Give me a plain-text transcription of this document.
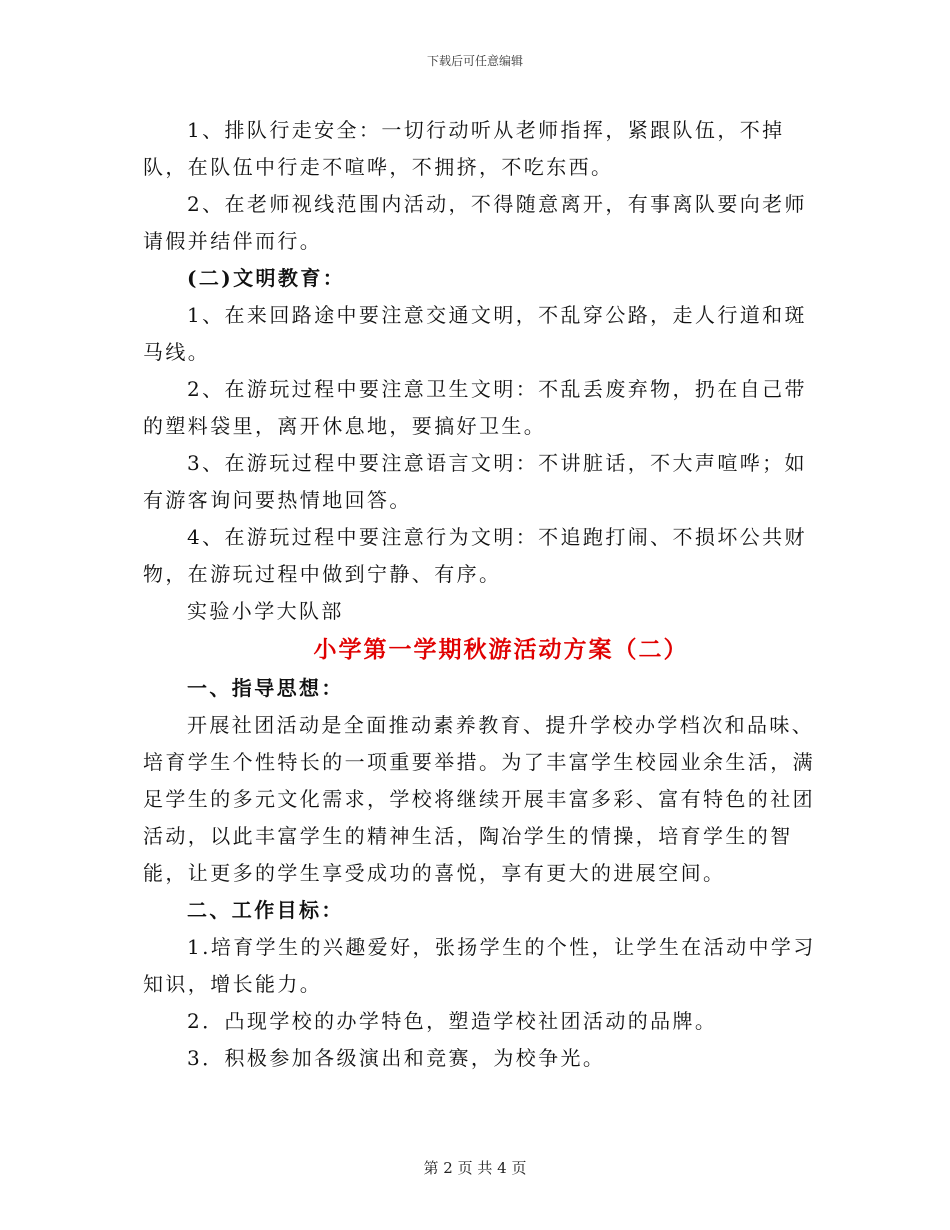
下载后可任意编辑

1、排队行走安全：一切行动听从老师指挥，紧跟队伍，不掉队，在队伍中行走不喧哗，不拥挤，不吃东西。

2、在老师视线范围内活动，不得随意离开，有事离队要向老师请假并结伴而行。

(二)文明教育：

1、在来回路途中要注意交通文明，不乱穿公路，走人行道和斑马线。

2、在游玩过程中要注意卫生文明：不乱丢废弃物，扔在自己带的塑料袋里，离开休息地，要搞好卫生。

3、在游玩过程中要注意语言文明：不讲脏话，不大声喧哗；如有游客询问要热情地回答。

4、在游玩过程中要注意行为文明：不追跑打闹、不损坏公共财物，在游玩过程中做到宁静、有序。

实验小学大队部

小学第一学期秋游活动方案（二）

一、指导思想：

开展社团活动是全面推动素养教育、提升学校办学档次和品味、培育学生个性特长的一项重要举措。为了丰富学生校园业余生活，满足学生的多元文化需求，学校将继续开展丰富多彩、富有特色的社团活动，以此丰富学生的精神生活，陶冶学生的情操，培育学生的智能，让更多的学生享受成功的喜悦，享有更大的进展空间。

二、工作目标：

1.培育学生的兴趣爱好，张扬学生的个性，让学生在活动中学习知识，增长能力。

2．凸现学校的办学特色，塑造学校社团活动的品牌。

3．积极参加各级演出和竞赛，为校争光。

第 2 页 共 4 页
